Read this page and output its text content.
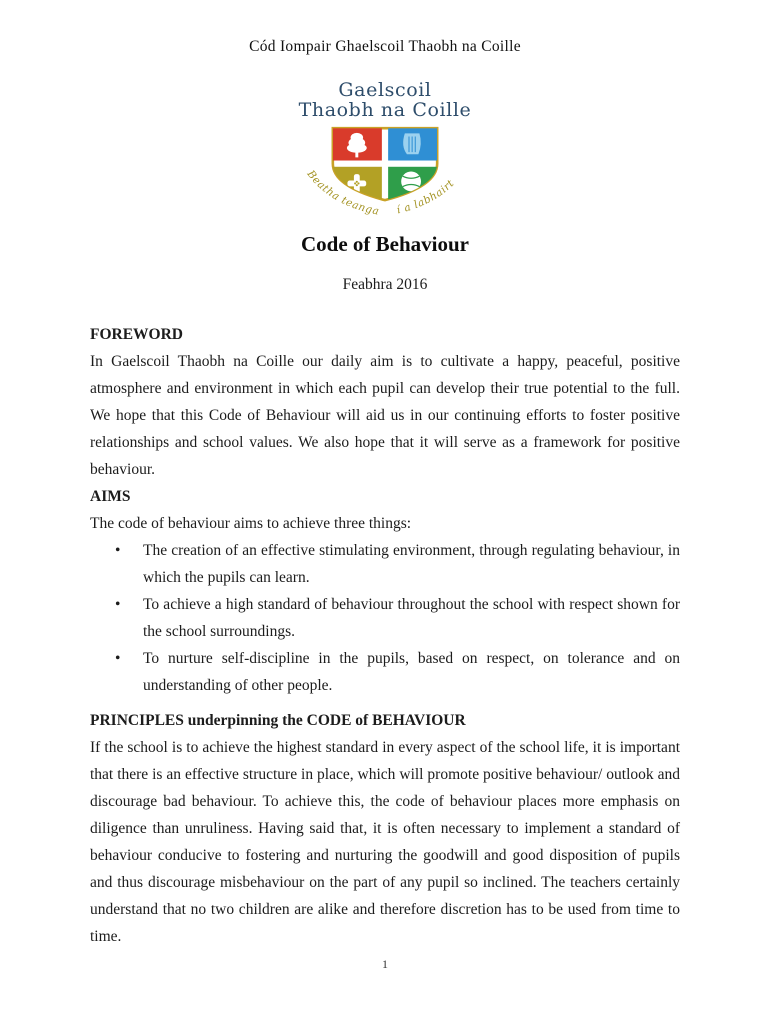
Cód Iompair Ghaelscoil Thaobh na Coille
Gaelscoil
Thaobh na Coille
Beatha teanga í a labhairt
Code of Behaviour
Feabhra 2016
FOREWORD

In Gaelscoil Thaobh na Coille our daily aim is to cultivate a happy, peaceful, positive atmosphere and environment in which each pupil can develop their true potential to the full. We hope that this Code of Behaviour will aid us in our continuing efforts to foster positive relationships and school values. We also hope that it will serve as a framework for positive behaviour.

AIMS

The code of behaviour aims to achieve three things:

• The creation of an effective stimulating environment, through regulating behaviour, in which the pupils can learn.
• To achieve a high standard of behaviour throughout the school with respect shown for the school surroundings.
• To nurture self-discipline in the pupils, based on respect, on tolerance and on understanding of other people.
PRINCIPLES underpinning the CODE of BEHAVIOUR

If the school is to achieve the highest standard in every aspect of the school life, it is important that there is an effective structure in place, which will promote positive behaviour/ outlook and discourage bad behaviour. To achieve this, the code of behaviour places more emphasis on diligence than unruliness. Having said that, it is often necessary to implement a standard of behaviour conducive to fostering and nurturing the goodwill and good disposition of pupils and thus discourage misbehaviour on the part of any pupil so inclined. The teachers certainly understand that no two children are alike and therefore discretion has to be used from time to time.

1
